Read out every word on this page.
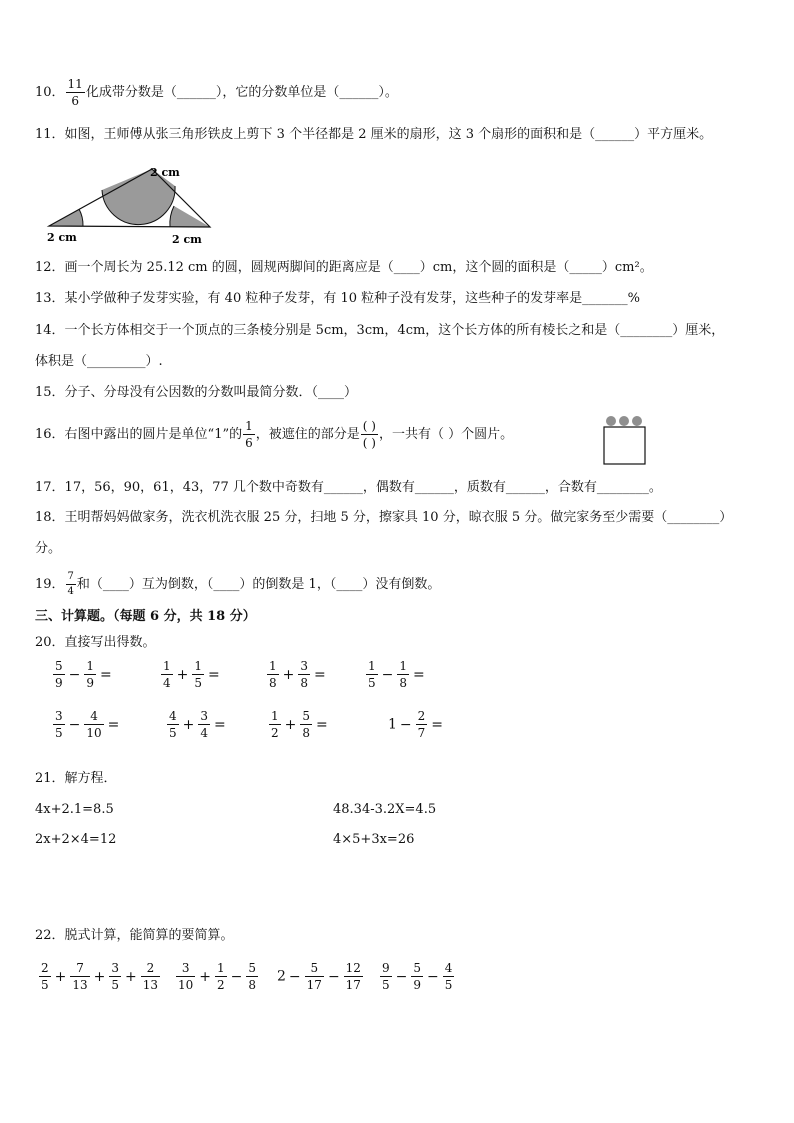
10． $\frac{11}{6}$ 化成带分数是（______），它的分数单位是（______）。
11．如图，王师傅从张三角形铁皮上剪下 3 个半径都是 2 厘米的扇形，这 3 个扇形的面积和是（______）平方厘米。
2 cm
2 cm	2 cm
12．画一个周长为 25.12 cm 的圆，圆规两脚间的距离应是（____）cm，这个圆的面积是（_____）cm²。
13．某小学做种子发芽实验，有 40 粒种子发芽，有 10 粒种子没有发芽，这些种子的发芽率是_______%
14．一个长方体相交于一个顶点的三条棱分别是 5cm，3cm，4cm，这个长方体的所有棱长之和是（________）厘米，
体积是（_________）.
15．分子、分母没有公因数的分数叫最简分数．（____）
16．右图中露出的圆片是单位“1”的 $\frac{1}{6}$ ，被遮住的部分是 $\frac{( )}{( )}$ ，一共有（ ）个圆片。
17．17，56，90，61，43，77 几个数中奇数有______，偶数有______，质数有______，合数有________。
18．王明帮妈妈做家务，洗衣机洗衣服 25 分，扫地 5 分，擦家具 10 分，晾衣服 5 分。做完家务至少需要（________）
分。
19． $\frac{7}{4}$ 和（____）互为倒数，（____）的倒数是 1，（____）没有倒数。
三、计算题。（每题 6 分，共 18 分）
20．直接写出得数。
$\frac{5}{9} - \frac{1}{9}$ =	$\frac{1}{4} + \frac{1}{5}$ =	$\frac{1}{8} + \frac{3}{8}$ =	$\frac{1}{5} - \frac{1}{8}$ =
$\frac{3}{5} - \frac{4}{10}$ =	$\frac{4}{5} + \frac{3}{4}$ =	$\frac{1}{2} + \frac{5}{8}$ =	$1 - \frac{2}{7}$ =
21．解方程．
4x+2.1=8.5	48.34-3.2X=4.5
2x+2×4=12	4×5+3x=26
22．脱式计算，能简算的要简算。
$\frac{2}{5} + \frac{7}{13} + \frac{3}{5} + \frac{2}{13} \frac{3}{10} + \frac{1}{2} - \frac{5}{8} 2 - \frac{5}{17} - \frac{12}{17} \frac{9}{5} - \frac{5}{9} - \frac{4}{5}$
